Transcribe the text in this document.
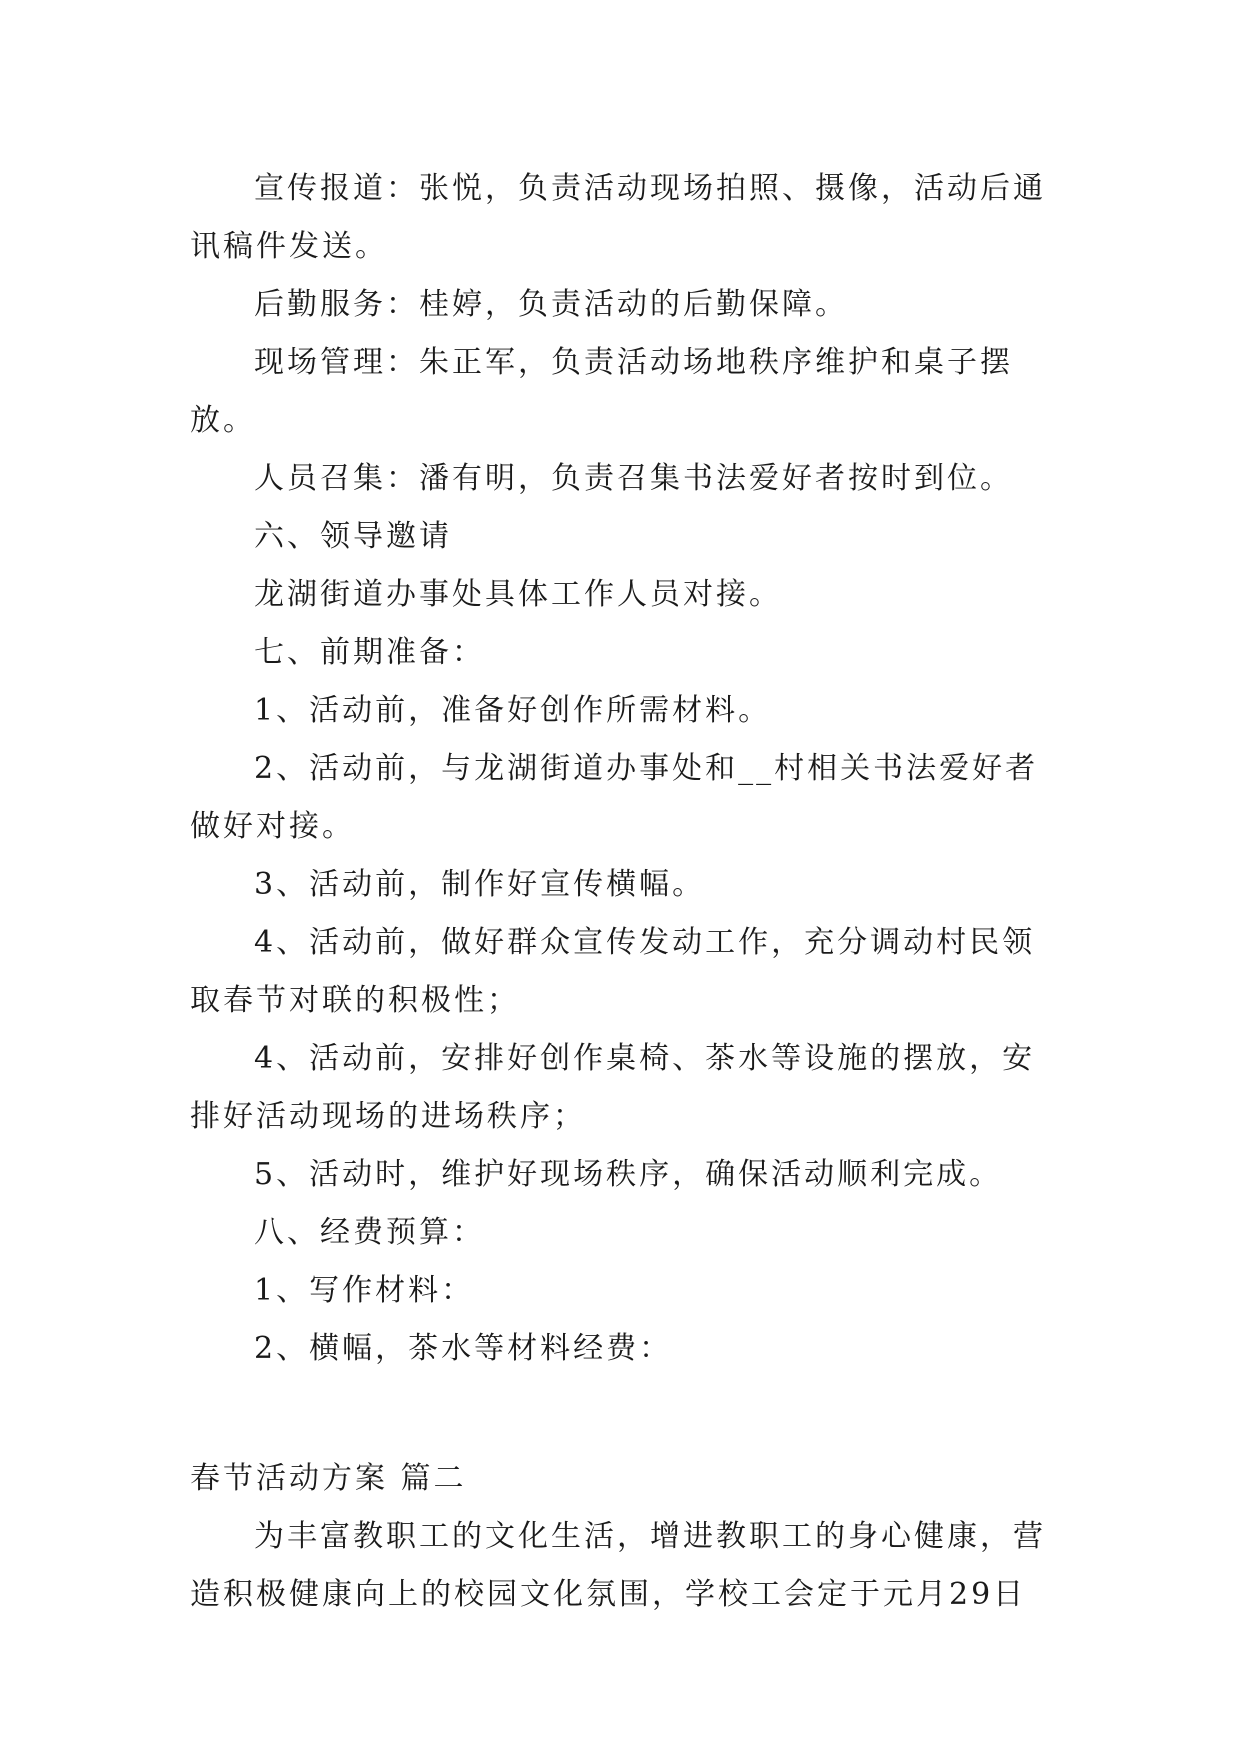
宣传报道：张悦，负责活动现场拍照、摄像，活动后通讯稿件发送。

后勤服务：桂婷，负责活动的后勤保障。

现场管理：朱正军，负责活动场地秩序维护和桌子摆放。

人员召集：潘有明，负责召集书法爱好者按时到位。

六、领导邀请

龙湖街道办事处具体工作人员对接。

七、前期准备：

1、活动前，准备好创作所需材料。

2、活动前，与龙湖街道办事处和__村相关书法爱好者做好对接。

3、活动前，制作好宣传横幅。

4、活动前，做好群众宣传发动工作，充分调动村民领取春节对联的积极性；

4、活动前，安排好创作桌椅、茶水等设施的摆放，安排好活动现场的进场秩序；

5、活动时，维护好现场秩序，确保活动顺利完成。

八、经费预算：

1、写作材料：

2、横幅，茶水等材料经费：

春节活动方案 篇二

为丰富教职工的文化生活，增进教职工的身心健康，营造积极健康向上的校园文化氛围，学校工会定于元月29日
